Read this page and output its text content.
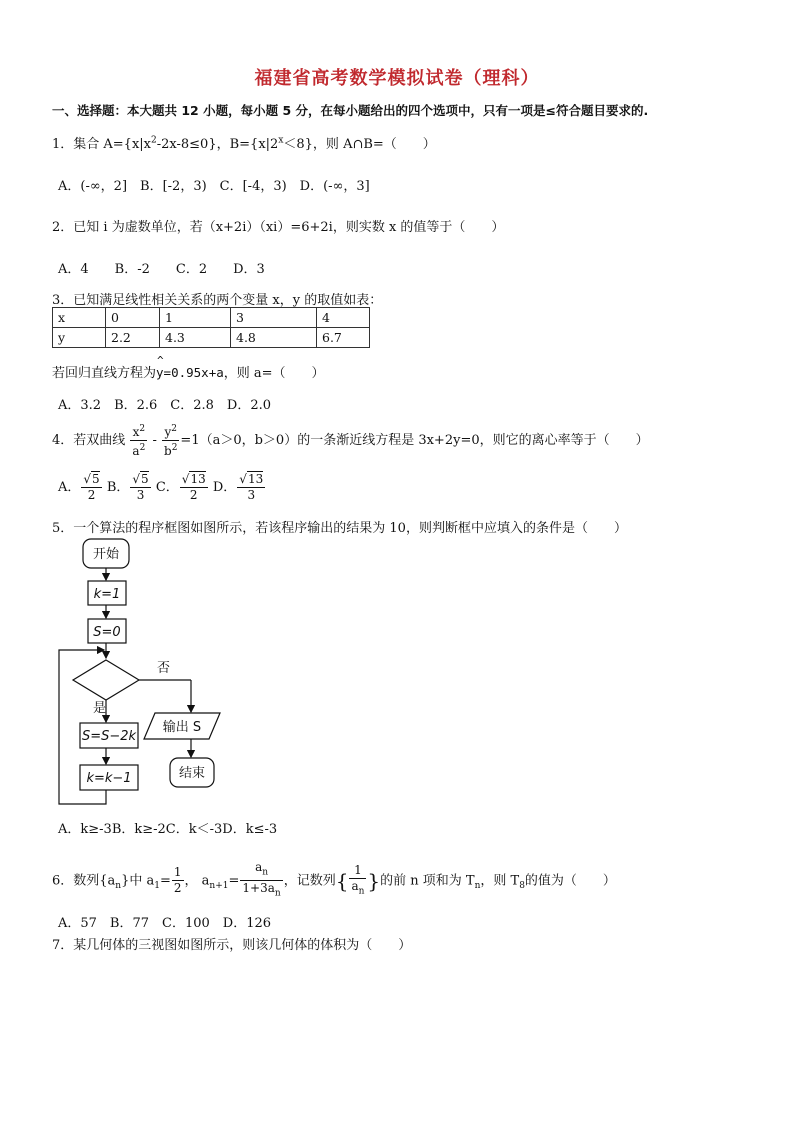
福建省高考数学模拟试卷（理科）
一、选择题：本大题共 12 小题，每小题 5 分，在每小题给出的四个选项中，只有一项是≤符合题目要求的.
1．集合 $A=\{x|x^2-2x-8\le 0\}$，$B=\{x|2^x<8\}$，则 A∩B=（　　）
A．(-∞，2]　B．[-2，3)　C．[-4，3)　D．(-∞，3]
2．已知 i 为虚数单位，若（x+2i）（xi）=6+2i，则实数 x 的值等于（　　）
A．4　　B．-2　　C．2　　D．3
3．已知满足线性相关关系的两个变量 x，y 的取值如表：
x	0	1	3	4
y	2.2	4.3	4.8	6.7
若回归直线方程为
^
y=0.95x+a，则 a=（　　）
A．3.2　B．2.6　C．2.8　D．2.0
4．若双曲线 $\frac{x^2}{a^2} - \frac{y^2}{b^2} =1(a>0$，b＞0）的一条渐近线方程是 3x+2y=0，则它的离心率等于（　　）
A． $\frac{√5}{2}$ B． $\frac{√5}{3}$ C． $\frac{√13}{2}$ D． $\frac{√13}{3}$
5．一个算法的程序框图如图所示，若该程序输出的结果为 10，则判断框中应填入的条件是（　　）
开始
k=1
S=0
否
是
S=S−2k
输出 S
k=k−1	结束
A．k≥-3B．k≥-2C．k＜-3D．k≤-3
6．数列$\{a_n\}$中 $a_1= \frac{1}{2}$ ， $a_{n+1}= \frac{a_n}{1+3a_n}$ ，记数列{ $\frac{1}{a_n}$ }的前 n 项和为 $T_n$，则 $T_8$的值为（　　）
A．57　B．77　C．100　D．126
7．某几何体的三视图如图所示，则该几何体的体积为（　　）
